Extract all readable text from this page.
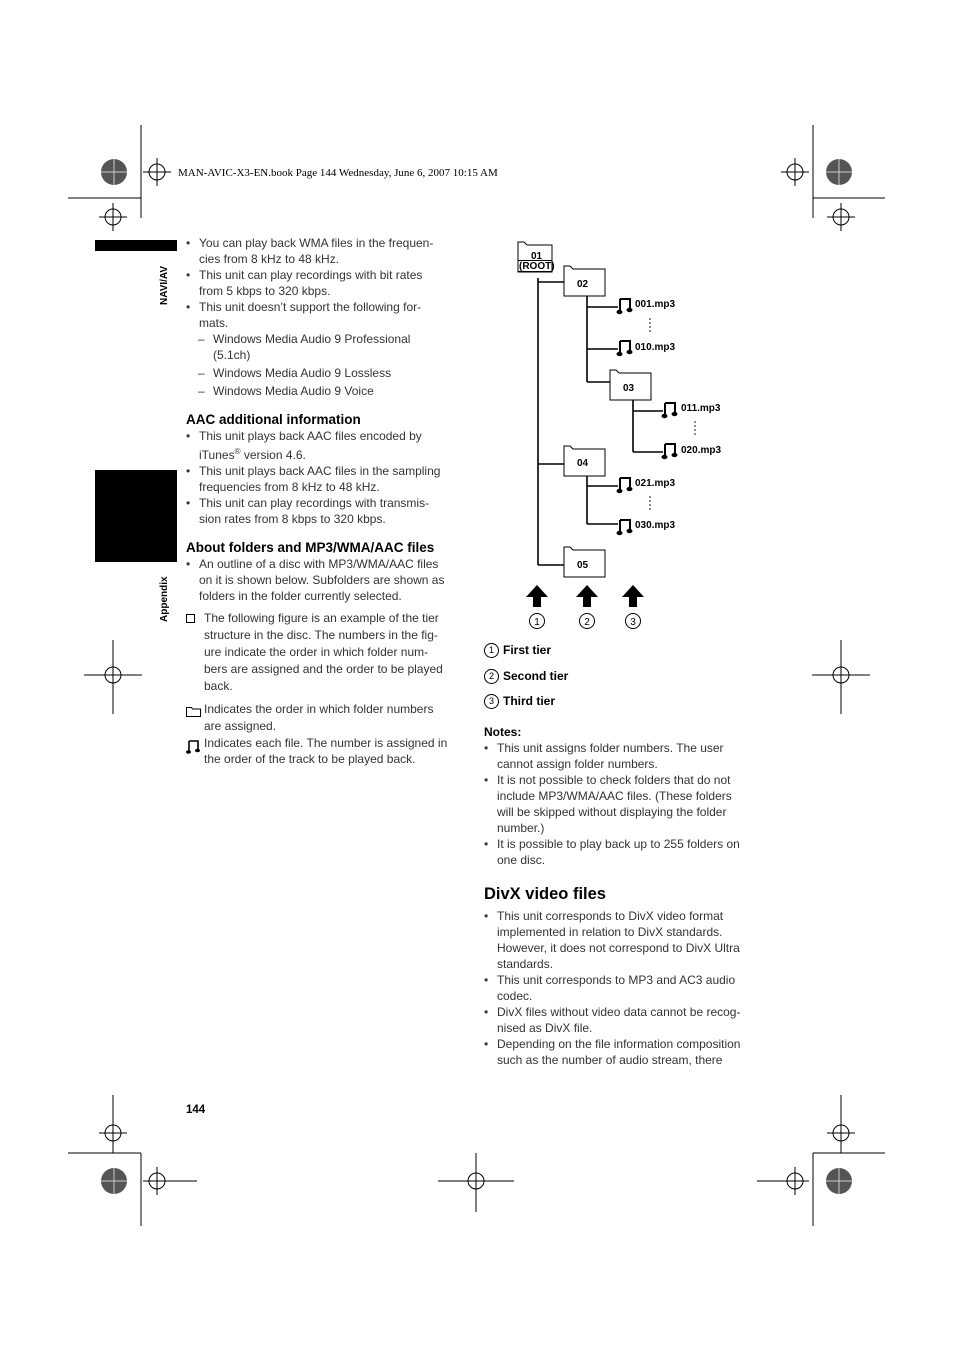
MAN-AVIC-X3-EN.book Page 144 Wednesday, June 6, 2007 10:15 AM
NAVI/AV
Appendix
• You can play back WMA files in the frequen-
cies from 8 kHz to 48 kHz.
• This unit can play recordings with bit rates
from 5 kbps to 320 kbps.
• This unit doesn’t support the following for-
mats.
– Windows Media Audio 9 Professional
(5.1ch)
– Windows Media Audio 9 Lossless
– Windows Media Audio 9 Voice
AAC additional information
• This unit plays back AAC files encoded by
iTunes® version 4.6.
• This unit plays back AAC files in the sampling
frequencies from 8 kHz to 48 kHz.
• This unit can play recordings with transmis-
sion rates from 8 kbps to 320 kbps.
About folders and MP3/WMA/AAC files
• An outline of a disc with MP3/WMA/AAC files
on it is shown below. Subfolders are shown as
folders in the folder currently selected.
The following figure is an example of the tier
structure in the disc. The numbers in the fig-
ure indicate the order in which folder num-
bers are assigned and the order to be played
back.
Indicates the order in which folder numbers
are assigned.
Indicates each file. The number is assigned in
the order of the track to be played back.
01
(ROOT)
02
03
04
05
001.mp3
010.mp3
011.mp3
020.mp3
021.mp3
030.mp3
1	2	3
1 First tier
2 Second tier
3 Third tier
Notes:
• This unit assigns folder numbers. The user
cannot assign folder numbers.
• It is not possible to check folders that do not
include MP3/WMA/AAC files. (These folders
will be skipped without displaying the folder
number.)
• It is possible to play back up to 255 folders on
one disc.
DivX video files
• This unit corresponds to DivX video format
implemented in relation to DivX standards.
However, it does not correspond to DivX Ultra
standards.
• This unit corresponds to MP3 and AC3 audio
codec.
• DivX files without video data cannot be recog-
nised as DivX file.
• Depending on the file information composition
such as the number of audio stream, there
144
